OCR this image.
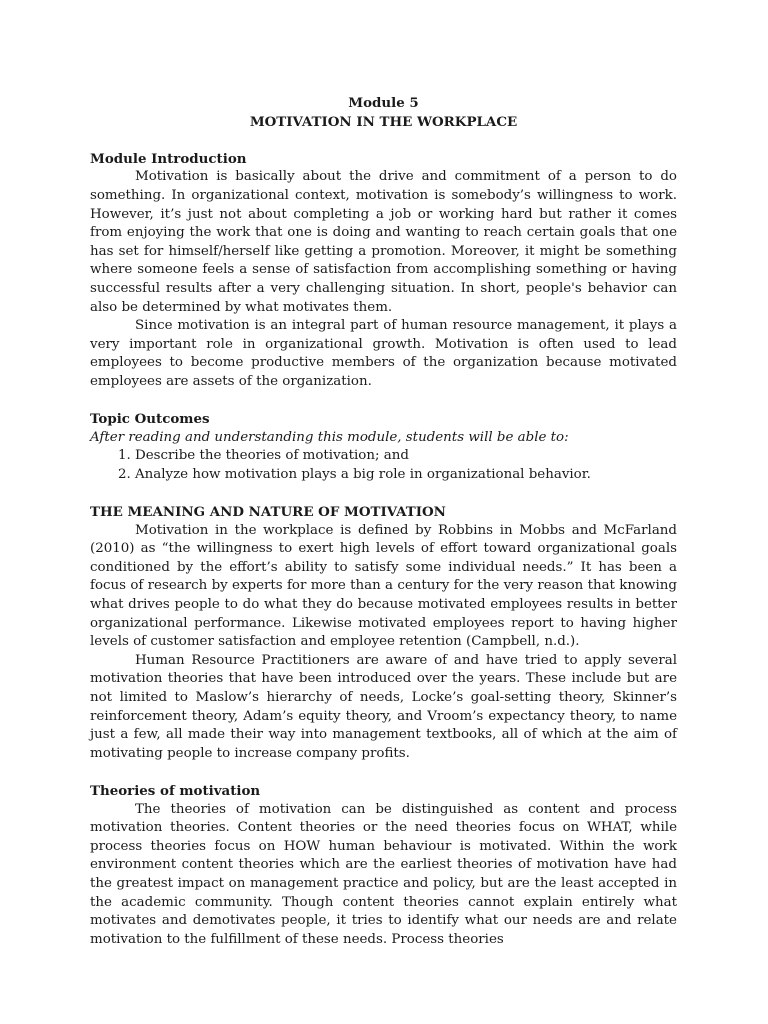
Module 5

MOTIVATION IN THE WORKPLACE

Module Introduction

Motivation is basically about the drive and commitment of a person to do something. In organizational context, motivation is somebody’s willingness to work. However, it’s just not about completing a job or working hard but rather it comes from enjoying the work that one is doing and wanting to reach certain goals that one has set for himself/herself like getting a promotion. Moreover, it might be something where someone feels a sense of satisfaction from accomplishing something or having successful results after a very challenging situation. In short, people's behavior can also be determined by what motivates them.

Since motivation is an integral part of human resource management, it plays a very important role in organizational growth. Motivation is often used to lead employees to become productive members of the organization because motivated employees are assets of the organization.

Topic Outcomes

After reading and understanding this module, students will be able to:

1. Describe the theories of motivation; and
2. Analyze how motivation plays a big role in organizational behavior.

THE MEANING AND NATURE OF MOTIVATION

Motivation in the workplace is defined by Robbins in Mobbs and McFarland (2010) as “the willingness to exert high levels of effort toward organizational goals conditioned by the effort’s ability to satisfy some individual needs.” It has been a focus of research by experts for more than a century for the very reason that knowing what drives people to do what they do because motivated employees results in better organizational performance. Likewise motivated employees report to having higher levels of customer satisfaction and employee retention (Campbell, n.d.).

Human Resource Practitioners are aware of and have tried to apply several motivation theories that have been introduced over the years. These include but are not limited to Maslow’s hierarchy of needs, Locke’s goal-setting theory, Skinner’s reinforcement theory, Adam’s equity theory, and Vroom’s expectancy theory, to name just a few, all made their way into management textbooks, all of which at the aim of motivating people to increase company profits.

Theories of motivation

The theories of motivation can be distinguished as content and process motivation theories. Content theories or the need theories focus on WHAT, while process theories focus on HOW human behaviour is motivated. Within the work environment content theories which are the earliest theories of motivation have had the greatest impact on management practice and policy, but are the least accepted in the academic community. Though content theories cannot explain entirely what motivates and demotivates people, it tries to identify what our needs are and relate motivation to the fulfillment of these needs. Process theories
